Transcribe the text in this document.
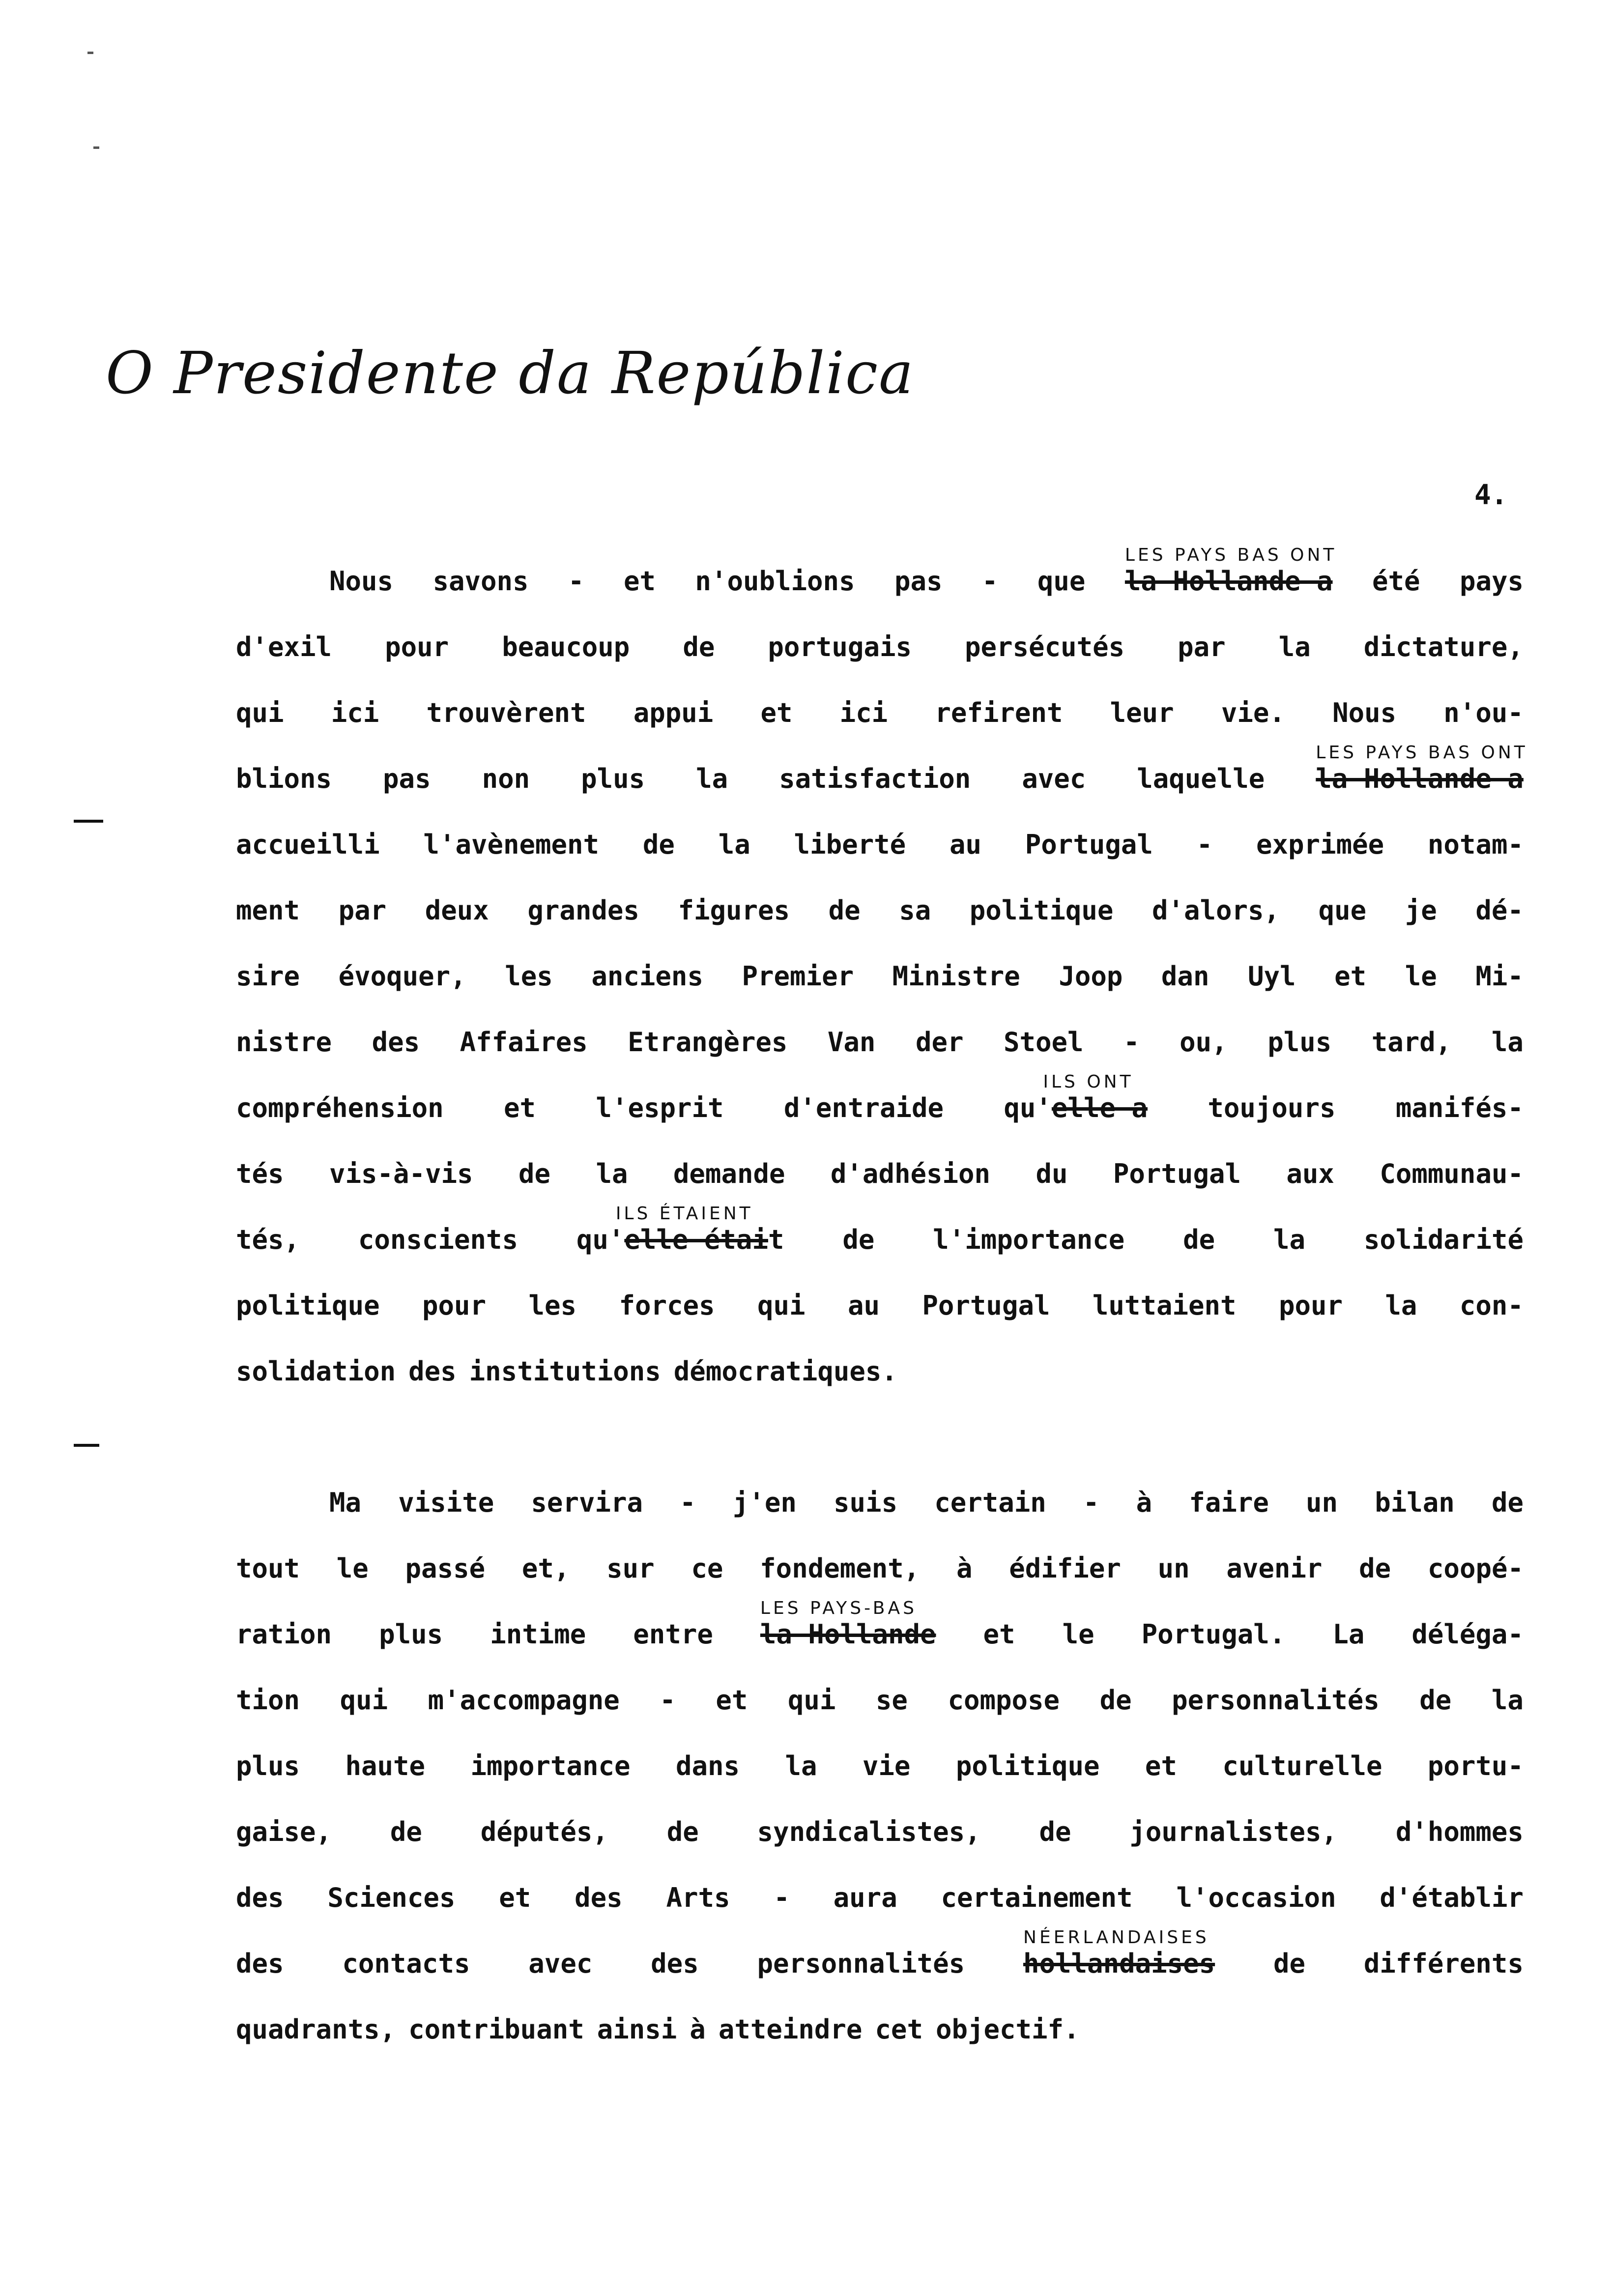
O Presidente da República
4.
Nous savons - et n'oublions pas - que la Hollande a
LES PAYS BAS ONT
été pays
d'exil pour beaucoup de portugais persécutés par la dictature,
qui ici trouvèrent appui et ici refirent leur vie. Nous n'ou-
blions pas non plus la satisfaction avec laquelle la Hollande a
LES PAYS BAS ONT
accueilli l'avènement de la liberté au Portugal - exprimée notam-
ment par deux grandes figures de sa politique d'alors, que je dé-
sire évoquer, les anciens Premier Ministre Joop dan Uyl et le Mi-
nistre des Affaires Etrangères Van der Stoel - ou, plus tard, la
compréhension et l'esprit d'entraide qu'elle a
ILS ONT
toujours manifés-
tés vis-à-vis de la demande d'adhésion du Portugal aux Communau-
tés, conscients qu'elle était
ILS ÉTAIENT
de l'importance de la solidarité
politique pour les forces qui au Portugal luttaient pour la con-
solidation des institutions démocratiques.
Ma visite servira - j'en suis certain - à faire un bilan de
tout le passé et, sur ce fondement, à édifier un avenir de coopé-
ration plus intime entre la Hollande
LES PAYS-BAS
et le Portugal. La déléga-
tion qui m'accompagne - et qui se compose de personnalités de la
plus haute importance dans la vie politique et culturelle portu-
gaise, de députés, de syndicalistes, de journalistes, d'hommes
des Sciences et des Arts - aura certainement l'occasion d'établir
des contacts avec des personnalités hollandaises
NÉERLANDAISES
de différents
quadrants, contribuant ainsi à atteindre cet objectif.
